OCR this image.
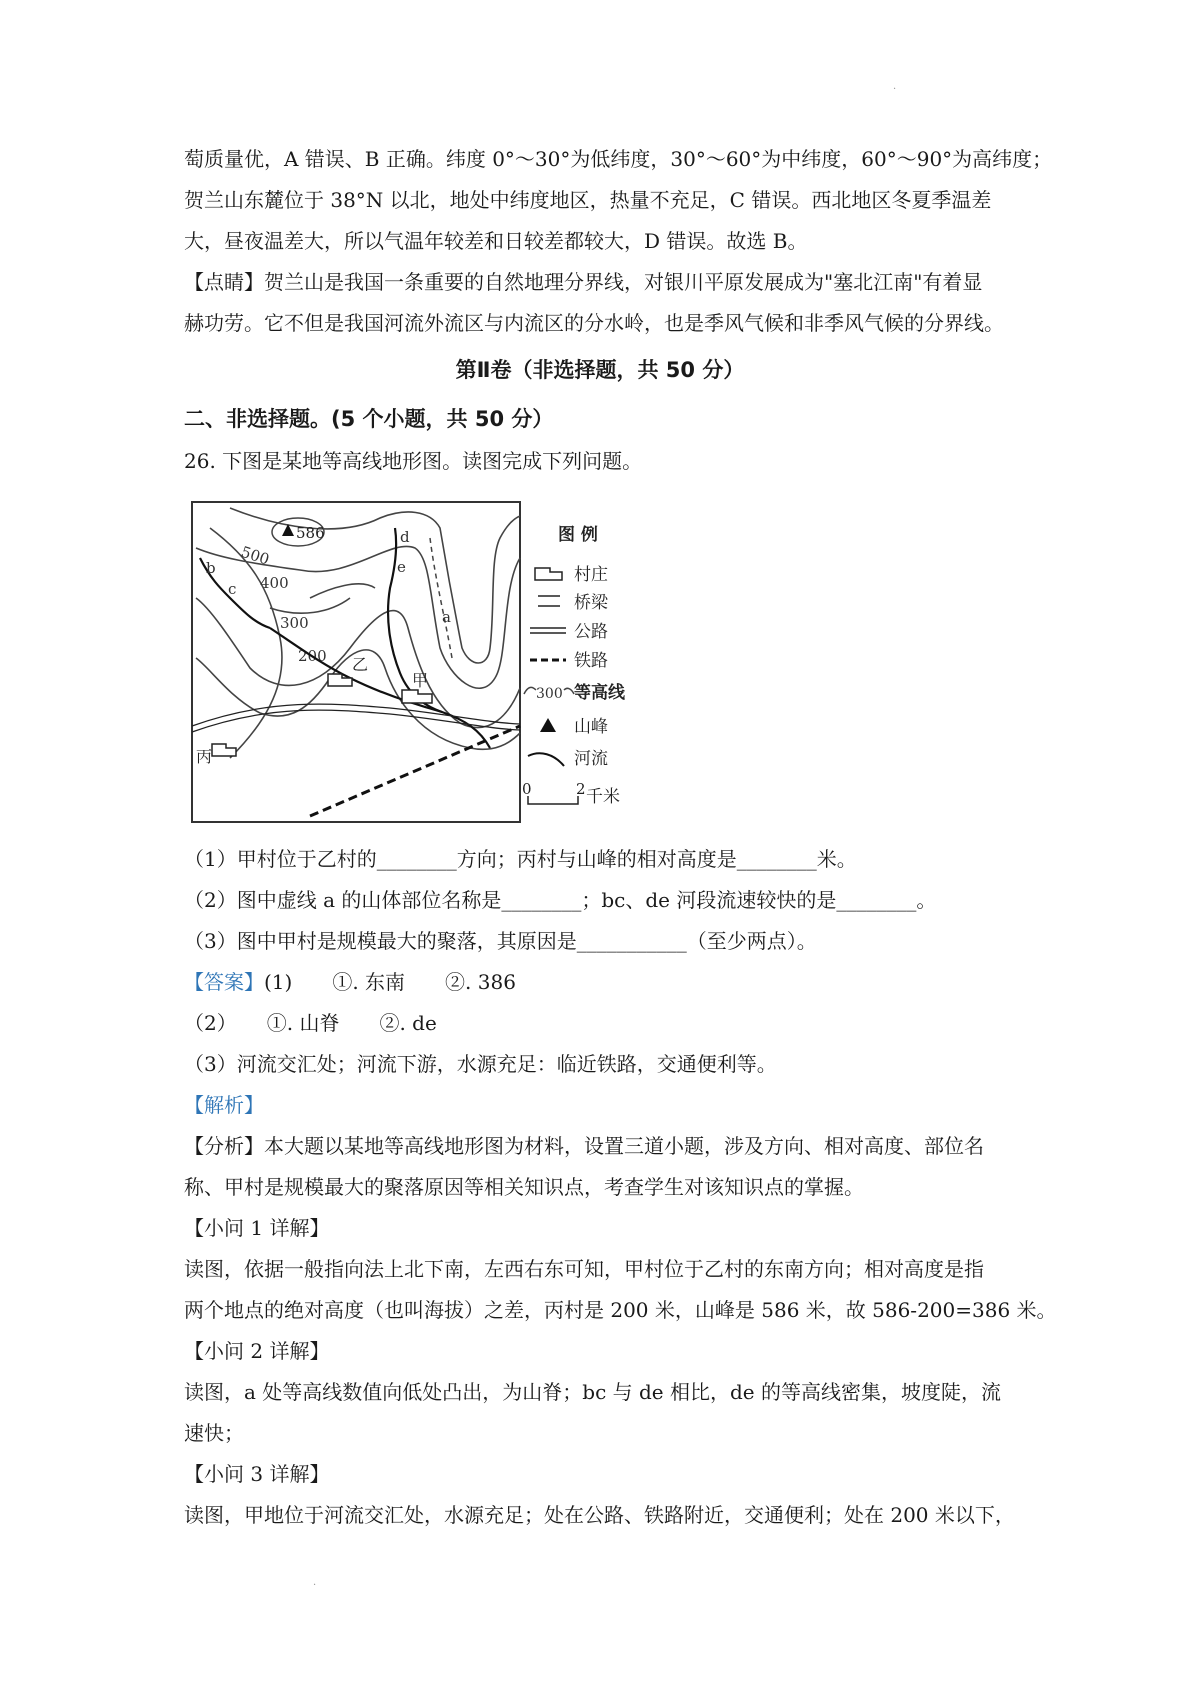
·
萄质量优，A 错误、B 正确。纬度 0°～30°为低纬度，30°～60°为中纬度，60°～90°为高纬度；
贺兰山东麓位于 38°N 以北，地处中纬度地区，热量不充足，C 错误。西北地区冬夏季温差
大，昼夜温差大，所以气温年较差和日较差都较大，D 错误。故选 B。
【点睛】贺兰山是我国一条重要的自然地理分界线，对银川平原发展成为"塞北江南"有着显
赫功劳。它不但是我国河流外流区与内流区的分水岭，也是季风气候和非季风气候的分界线。
第Ⅱ卷（非选择题，共 50 分）
二、非选择题。(5 个小题，共 50 分）
26. 下图是某地等高线地形图。读图完成下列问题。
586
500
400
300
200
b
c
d
e
a
乙
甲
丙
图 例
村庄
桥梁
公路
铁路
300 等高线
山峰
河流
0	2 千米
（1）甲村位于乙村的________方向；丙村与山峰的相对高度是________米。
（2）图中虚线 a 的山体部位名称是________；bc、de 河段流速较快的是________。
（3）图中甲村是规模最大的聚落，其原因是___________（至少两点）。
【答案】(1)　　①. 东南　　②. 386
（2）　　①. 山脊　　②. de
（3）河流交汇处；河流下游，水源充足：临近铁路，交通便利等。
【解析】
【分析】本大题以某地等高线地形图为材料，设置三道小题，涉及方向、相对高度、部位名
称、甲村是规模最大的聚落原因等相关知识点，考查学生对该知识点的掌握。
【小问 1 详解】
读图，依据一般指向法上北下南，左西右东可知，甲村位于乙村的东南方向；相对高度是指
两个地点的绝对高度（也叫海拔）之差，丙村是 200 米，山峰是 586 米，故 586-200=386 米。
【小问 2 详解】
读图，a 处等高线数值向低处凸出，为山脊；bc 与 de 相比，de 的等高线密集，坡度陡，流
速快；
【小问 3 详解】
读图，甲地位于河流交汇处，水源充足；处在公路、铁路附近，交通便利；处在 200 米以下，
·
